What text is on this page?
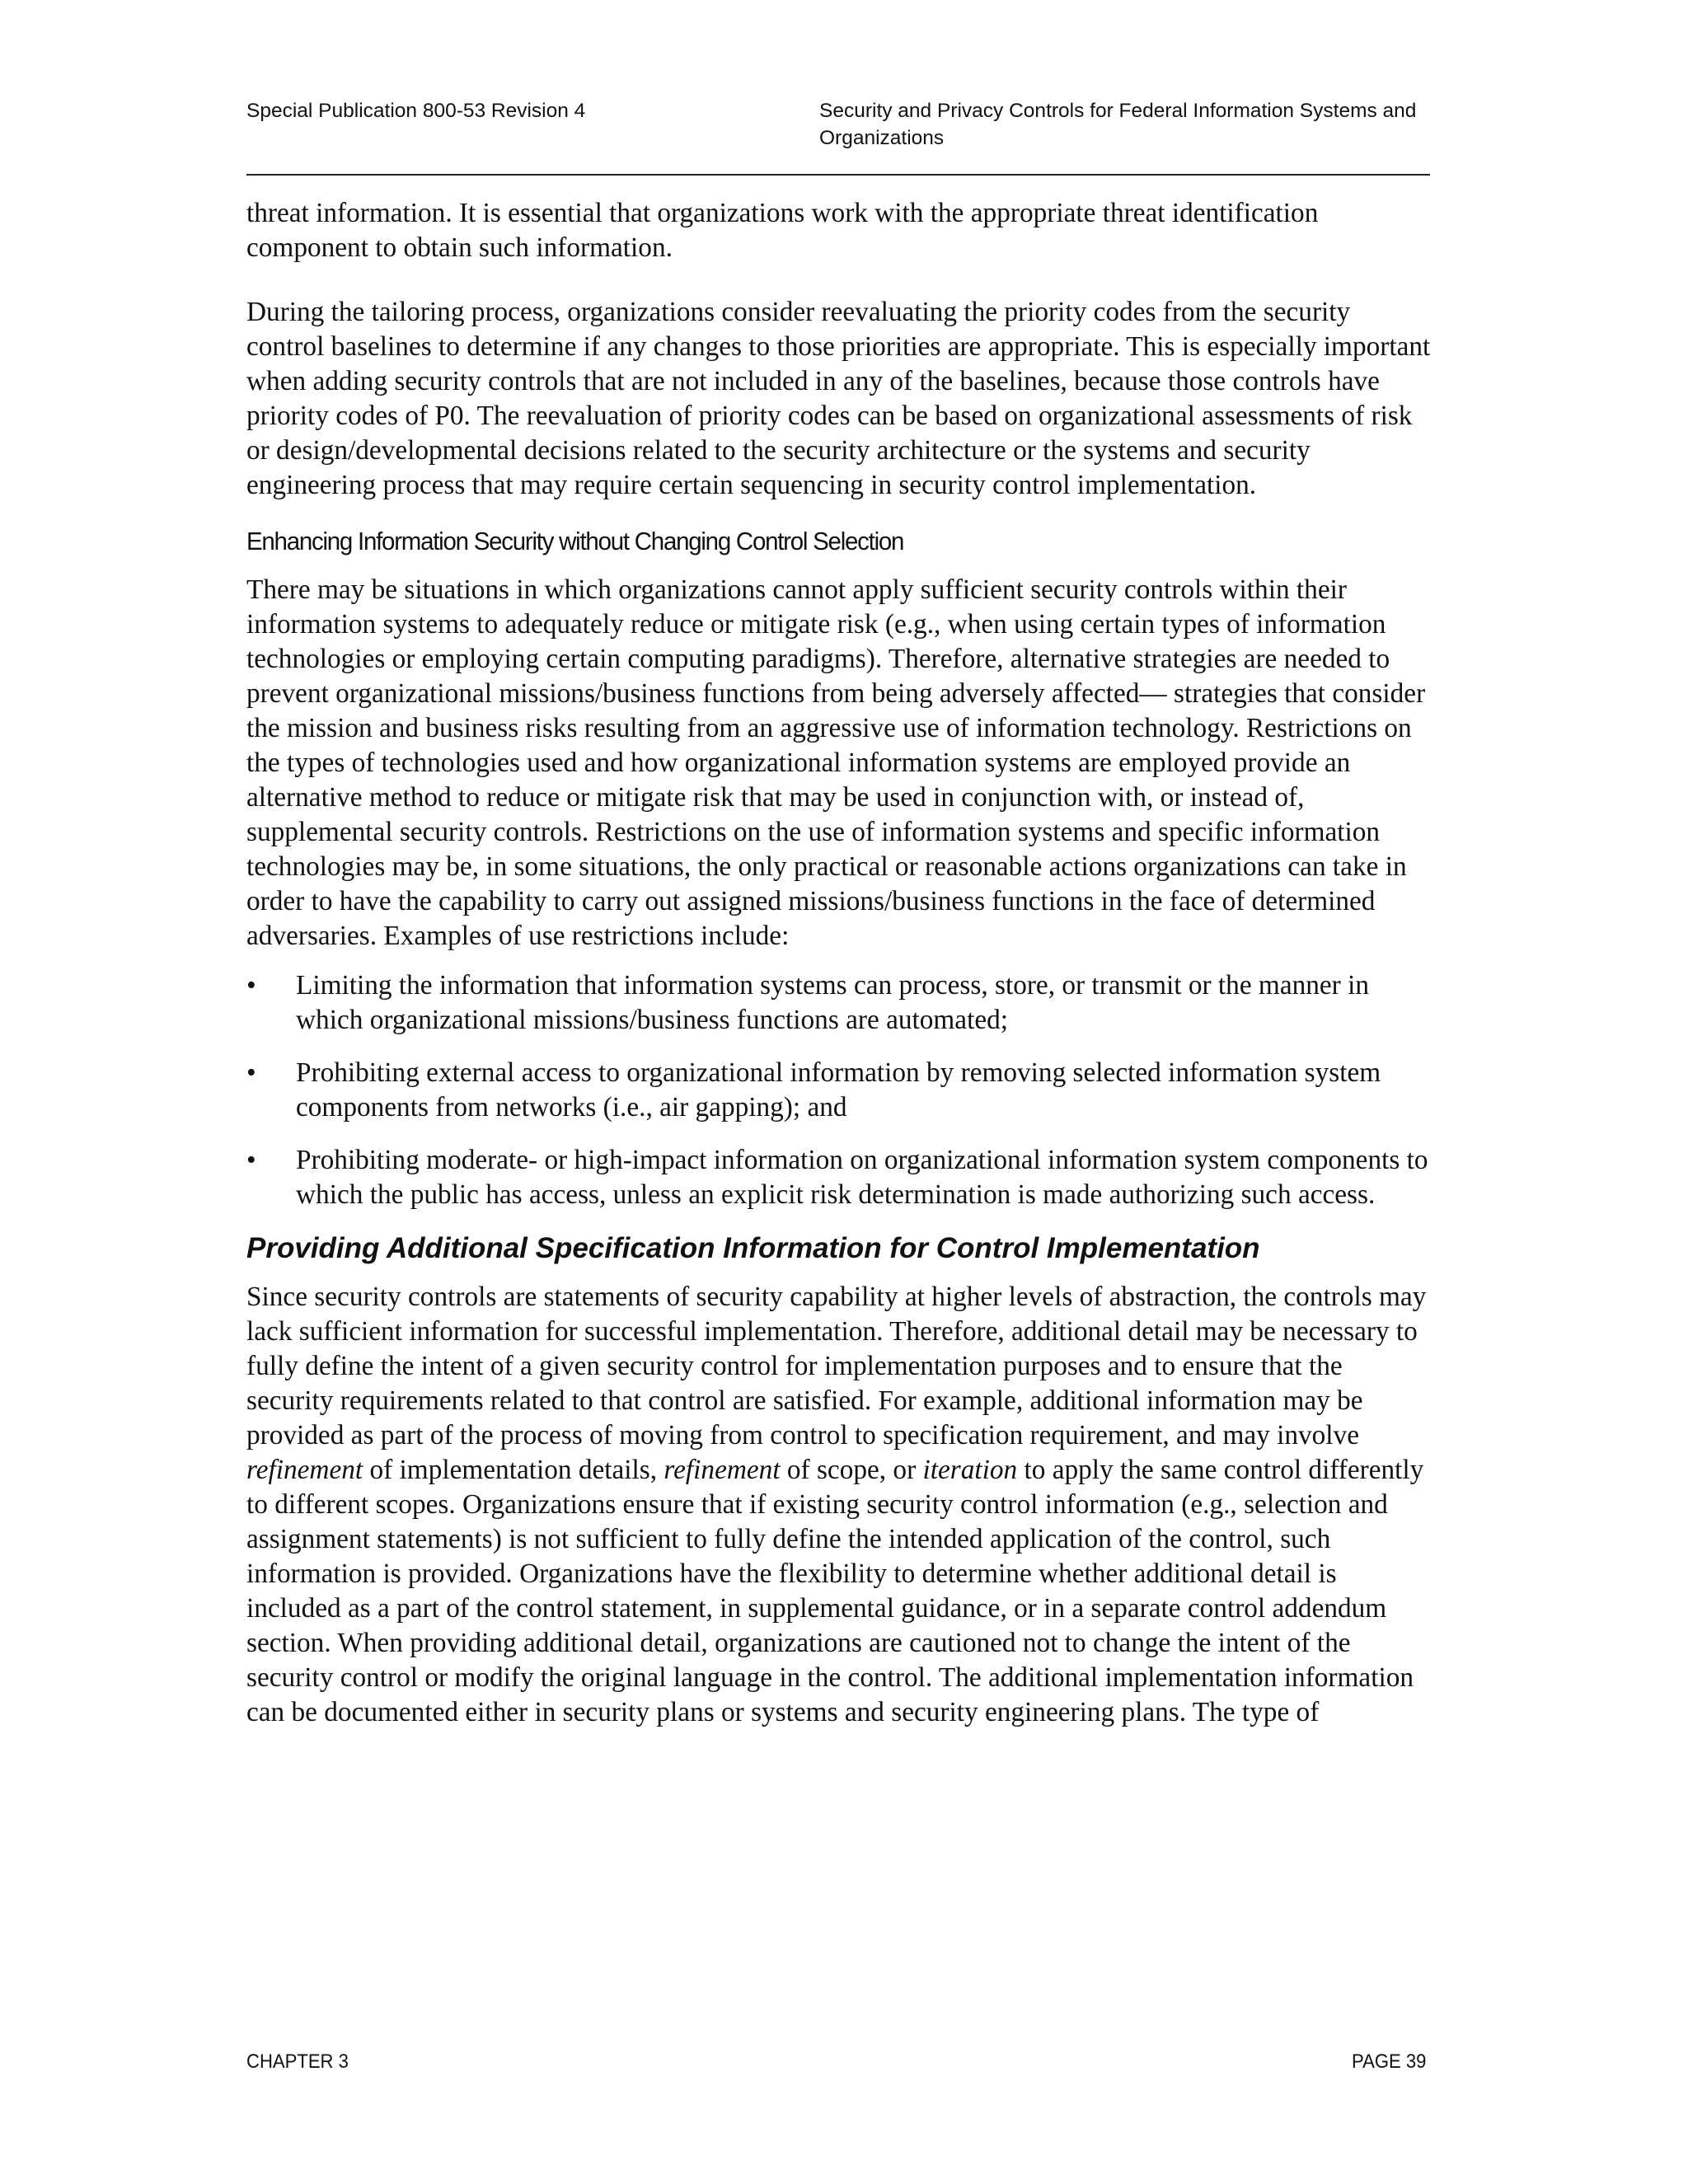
Special Publication 800-53 Revision 4	Security and Privacy Controls for Federal Information Systems and Organizations

threat information. It is essential that organizations work with the appropriate threat identification component to obtain such information.

During the tailoring process, organizations consider reevaluating the priority codes from the security control baselines to determine if any changes to those priorities are appropriate. This is especially important when adding security controls that are not included in any of the baselines, because those controls have priority codes of P0. The reevaluation of priority codes can be based on organizational assessments of risk or design/developmental decisions related to the security architecture or the systems and security engineering process that may require certain sequencing in security control implementation.

Enhancing Information Security without Changing Control Selection

There may be situations in which organizations cannot apply sufficient security controls within their information systems to adequately reduce or mitigate risk (e.g., when using certain types of information technologies or employing certain computing paradigms). Therefore, alternative strategies are needed to prevent organizational missions/business functions from being adversely affected— strategies that consider the mission and business risks resulting from an aggressive use of information technology. Restrictions on the types of technologies used and how organizational information systems are employed provide an alternative method to reduce or mitigate risk that may be used in conjunction with, or instead of, supplemental security controls. Restrictions on the use of information systems and specific information technologies may be, in some situations, the only practical or reasonable actions organizations can take in order to have the capability to carry out assigned missions/business functions in the face of determined adversaries. Examples of use restrictions include:

• Limiting the information that information systems can process, store, or transmit or the manner in which organizational missions/business functions are automated;
• Prohibiting external access to organizational information by removing selected information system components from networks (i.e., air gapping); and
• Prohibiting moderate- or high-impact information on organizational information system components to which the public has access, unless an explicit risk determination is made authorizing such access.
Providing Additional Specification Information for Control Implementation

Since security controls are statements of security capability at higher levels of abstraction, the controls may lack sufficient information for successful implementation. Therefore, additional detail may be necessary to fully define the intent of a given security control for implementation purposes and to ensure that the security requirements related to that control are satisfied. For example, additional information may be provided as part of the process of moving from control to specification requirement, and may involve refinement of implementation details, refinement of scope, or iteration to apply the same control differently to different scopes. Organizations ensure that if existing security control information (e.g., selection and assignment statements) is not sufficient to fully define the intended application of the control, such information is provided. Organizations have the flexibility to determine whether additional detail is included as a part of the control statement, in supplemental guidance, or in a separate control addendum section. When providing additional detail, organizations are cautioned not to change the intent of the security control or modify the original language in the control. The additional implementation information can be documented either in security plans or systems and security engineering plans. The type of

CHAPTER 3	PAGE 39
